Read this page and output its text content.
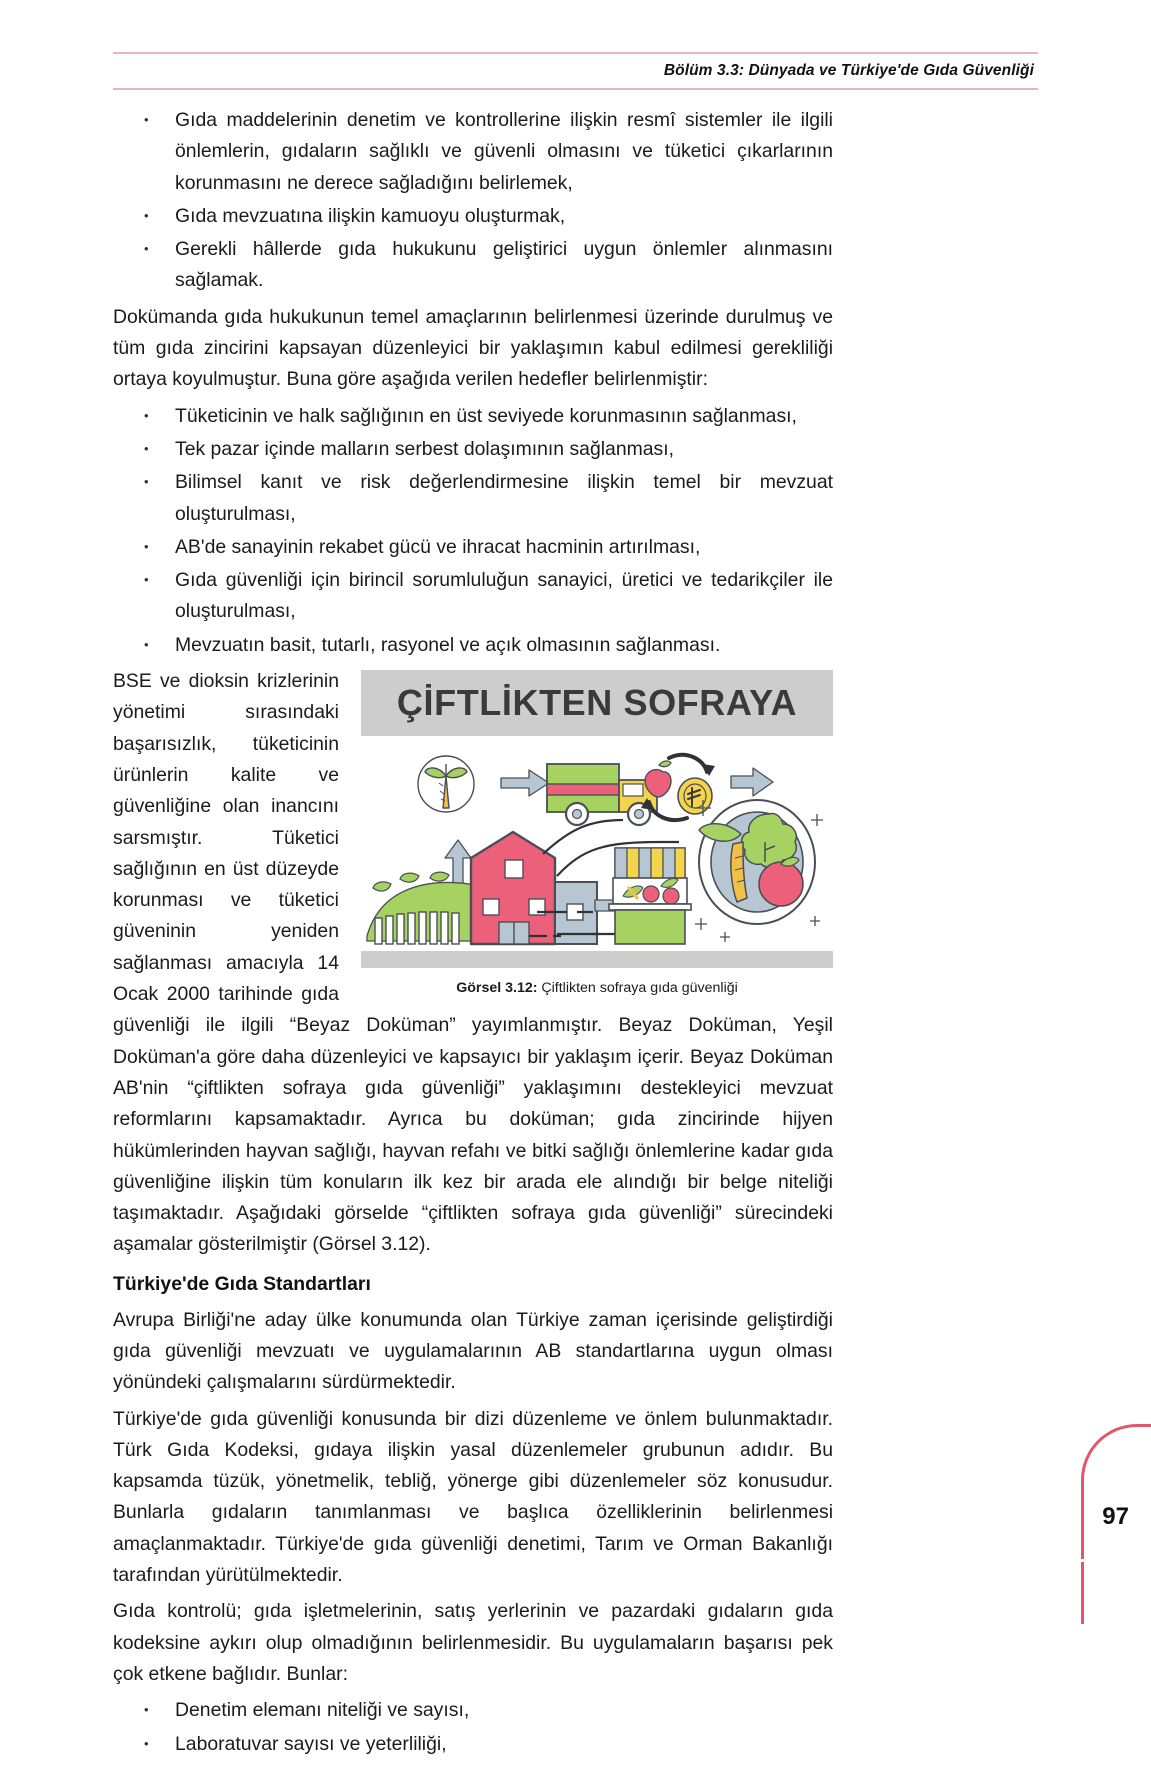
Bölüm 3.3: Dünyada ve Türkiye'de Gıda Güvenliği
• Gıda maddelerinin denetim ve kontrollerine ilişkin resmî sistemler ile ilgili önlemlerin, gıdaların sağlıklı ve güvenli olmasını ve tüketici çıkarlarının korunmasını ne derece sağladığını belirlemek,
• Gıda mevzuatına ilişkin kamuoyu oluşturmak,
• Gerekli hâllerde gıda hukukunu geliştirici uygun önlemler alınmasını sağlamak.

Dokümanda gıda hukukunun temel amaçlarının belirlenmesi üzerinde durulmuş ve tüm gıda zincirini kapsayan düzenleyici bir yaklaşımın kabul edilmesi gerekliliği ortaya koyulmuştur. Buna göre aşağıda verilen hedefler belirlenmiştir:

• Tüketicinin ve halk sağlığının en üst seviyede korunmasının sağlanması,
• Tek pazar içinde malların serbest dolaşımının sağlanması,
• Bilimsel kanıt ve risk değerlendirmesine ilişkin temel bir mevzuat oluşturulması,
• AB'de sanayinin rekabet gücü ve ihracat hacminin artırılması,
• Gıda güvenliği için birincil sorumluluğun sanayici, üretici ve tedarikçiler ile oluşturulması,
• Mevzuatın basit, tutarlı, rasyonel ve açık olmasının sağlanması.
ÇİFTLİKTEN SOFRAYA
Görsel 3.12: Çiftlikten sofraya gıda güvenliği

BSE ve dioksin krizlerinin yönetimi sırasındaki başarısızlık, tüketicinin ürünlerin kalite ve güvenliğine olan inancını sarsmıştır. Tüketici sağlığının en üst düzeyde korunması ve tüketici güveninin yeniden sağlanması amacıyla 14 Ocak 2000 tarihinde gıda güvenliği ile ilgili “Beyaz Doküman” yayımlanmıştır. Beyaz Doküman, Yeşil Doküman'a göre daha düzenleyici ve kapsayıcı bir yaklaşım içerir. Beyaz Doküman AB'nin “çiftlikten sofraya gıda güvenliği” yaklaşımını destekleyici mevzuat reformlarını kapsamaktadır. Ayrıca bu doküman; gıda zincirinde hijyen hükümlerinden hayvan sağlığı, hayvan refahı ve bitki sağlığı önlemlerine kadar gıda güvenliğine ilişkin tüm konuların ilk kez bir arada ele alındığı bir belge niteliği taşımaktadır. Aşağıdaki görselde “çiftlikten sofraya gıda güvenliği” sürecindeki aşamalar gösterilmiştir (Görsel 3.12).

Türkiye'de Gıda Standartları

Avrupa Birliği'ne aday ülke konumunda olan Türkiye zaman içerisinde geliştirdiği gıda güvenliği mevzuatı ve uygulamalarının AB standartlarına uygun olması yönündeki çalışmalarını sürdürmektedir.

Türkiye'de gıda güvenliği konusunda bir dizi düzenleme ve önlem bulunmaktadır. Türk Gıda Kodeksi, gıdaya ilişkin yasal düzenlemeler grubunun adıdır. Bu kapsamda tüzük, yönetmelik, tebliğ, yönerge gibi düzenlemeler söz konusudur. Bunlarla gıdaların tanımlanması ve başlıca özelliklerinin belirlenmesi amaçlanmaktadır. Türkiye'de gıda güvenliği denetimi, Tarım ve Orman Bakanlığı tarafından yürütülmektedir.

Gıda kontrolü; gıda işletmelerinin, satış yerlerinin ve pazardaki gıdaların gıda kodeksine aykırı olup olmadığının belirlenmesidir. Bu uygulamaların başarısı pek çok etkene bağlıdır. Bunlar:

• Denetim elemanı niteliği ve sayısı,
• Laboratuvar sayısı ve yeterliliği,
97
